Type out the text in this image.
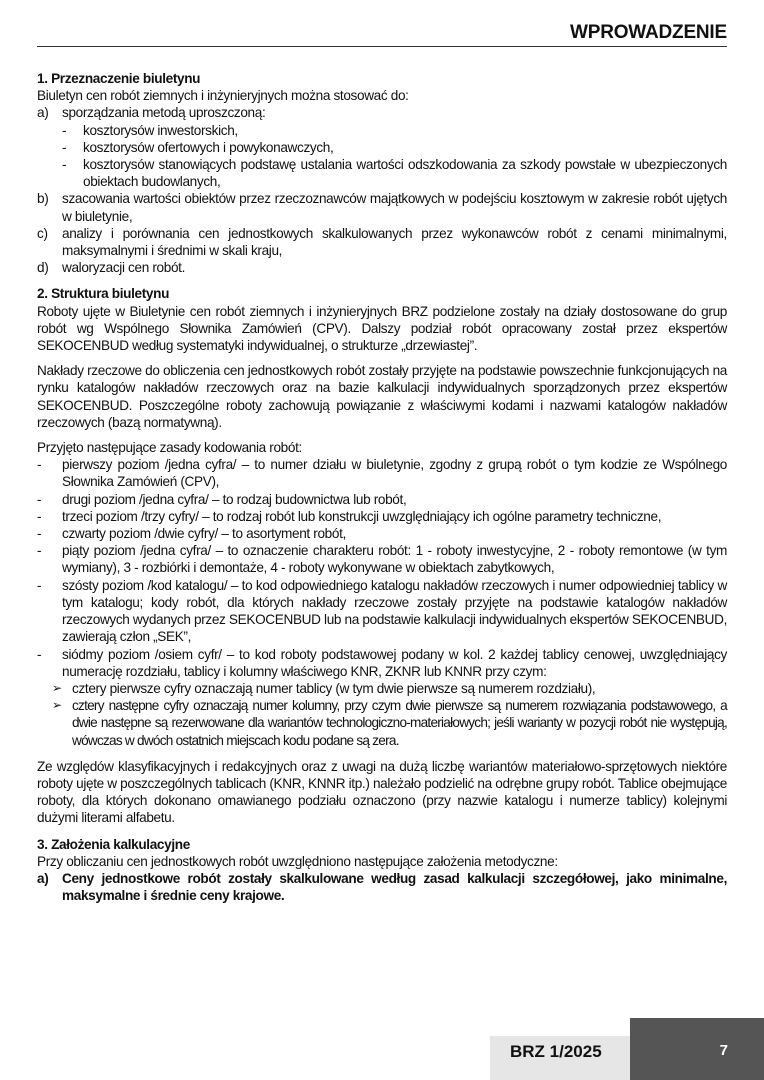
WPROWADZENIE

1. Przeznaczenie biuletynu

Biuletyn cen robót ziemnych i inżynieryjnych można stosować do:

a)	sporządzania metodą uproszczoną:
-	kosztorysów inwestorskich,
-	kosztorysów ofertowych i powykonawczych,
-	kosztorysów stanowiących podstawę ustalania wartości odszkodowania za szkody powstałe w ubezpieczonych obiektach budowlanych,
b)	szacowania wartości obiektów przez rzeczoznawców majątkowych w podejściu kosztowym w zakresie robót ujętych w biuletynie,
c)	analizy i porównania cen jednostkowych skalkulowanych przez wykonawców robót z cenami minimalnymi, maksymalnymi i średnimi w skali kraju,
d)	waloryzacji cen robót.

2. Struktura biuletynu

Roboty ujęte w Biuletynie cen robót ziemnych i inżynieryjnych BRZ podzielone zostały na działy dostosowane do grup robót wg Wspólnego Słownika Zamówień (CPV). Dalszy podział robót opracowany został przez ekspertów SEKOCENBUD według systematyki indywidualnej, o strukturze „drzewiastej”.

Nakłady rzeczowe do obliczenia cen jednostkowych robót zostały przyjęte na podstawie powszechnie funkcjonujących na rynku katalogów nakładów rzeczowych oraz na bazie kalkulacji indywidualnych sporządzonych przez ekspertów SEKOCENBUD. Poszczególne roboty zachowują powiązanie z właściwymi kodami i nazwami katalogów nakładów rzeczowych (bazą normatywną).

Przyjęto następujące zasady kodowania robót:

-	pierwszy poziom /jedna cyfra/ – to numer działu w biuletynie, zgodny z grupą robót o tym kodzie ze Wspólnego Słownika Zamówień (CPV),
-	drugi poziom /jedna cyfra/ – to rodzaj budownictwa lub robót,
-	trzeci poziom /trzy cyfry/ – to rodzaj robót lub konstrukcji uwzględniający ich ogólne parametry techniczne,
-	czwarty poziom /dwie cyfry/ – to asortyment robót,
-	piąty poziom /jedna cyfra/ – to oznaczenie charakteru robót: 1 - roboty inwestycyjne, 2 - roboty remontowe (w tym wymiany), 3 - rozbiórki i demontaże, 4 - roboty wykonywane w obiektach zabytkowych,
-	szósty poziom /kod katalogu/ – to kod odpowiedniego katalogu nakładów rzeczowych i numer odpowiedniej tablicy w tym katalogu; kody robót, dla których nakłady rzeczowe zostały przyjęte na podstawie katalogów nakładów rzeczowych wydanych przez SEKOCENBUD lub na podstawie kalkulacji indywidualnych ekspertów SEKOCENBUD, zawierają człon „SEK”,
-	siódmy poziom /osiem cyfr/ – to kod roboty podstawowej podany w kol. 2 każdej tablicy cenowej, uwzględniający numerację rozdziału, tablicy i kolumny właściwego KNR, ZKNR lub KNNR przy czym:
➢ cztery pierwsze cyfry oznaczają numer tablicy (w tym dwie pierwsze są numerem rozdziału),
➢ cztery następne cyfry oznaczają numer kolumny, przy czym dwie pierwsze są numerem rozwiązania podstawowego, a dwie następne są rezerwowane dla wariantów technologiczno-materiałowych; jeśli warianty w pozycji robót nie występują, wówczas w dwóch ostatnich miejscach kodu podane są zera.

Ze względów klasyfikacyjnych i redakcyjnych oraz z uwagi na dużą liczbę wariantów materiałowo-sprzętowych niektóre roboty ujęte w poszczególnych tablicach (KNR, KNNR itp.) należało podzielić na odrębne grupy robót. Tablice obejmujące roboty, dla których dokonano omawianego podziału oznaczono (przy nazwie katalogu i numerze tablicy) kolejnymi dużymi literami alfabetu.

3. Założenia kalkulacyjne

Przy obliczaniu cen jednostkowych robót uwzględniono następujące założenia metodyczne:

a)	Ceny jednostkowe robót zostały skalkulowane według zasad kalkulacji szczegółowej, jako minimalne, maksymalne i średnie ceny krajowe.
BRZ 1/2025	7
